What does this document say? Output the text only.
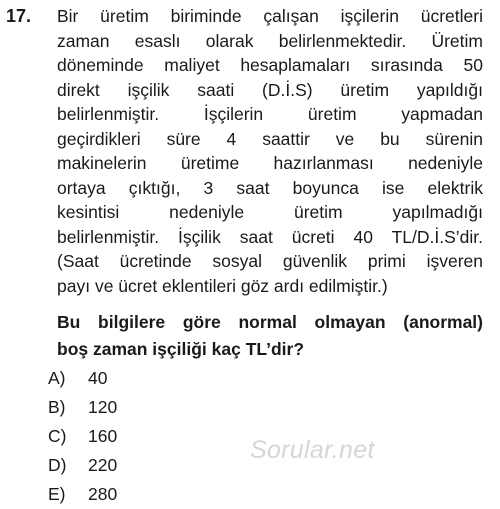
17. Bir üretim biriminde çalışan işçilerin ücretleri
zaman esaslı olarak belirlenmektedir. Üretim
döneminde maliyet hesaplamaları sırasında 50
direkt işçilik saati (D.İ.S) üretim yapıldığı
belirlenmiştir. İşçilerin üretim yapmadan
geçirdikleri süre 4 saattir ve bu sürenin
makinelerin üretime hazırlanması nedeniyle
ortaya çıktığı, 3 saat boyunca ise elektrik
kesintisi nedeniyle üretim yapılmadığı
belirlenmiştir. İşçilik saat ücreti 40 TL/D.İ.S’dir.
(Saat ücretinde sosyal güvenlik primi işveren
payı ve ücret eklentileri göz ardı edilmiştir.)
Bu bilgilere göre normal olmayan (anormal)
boş zaman işçiliği kaç TL’dir?
A)	40
B)	120
C)	160
D)	220
E)	280
Sorular.net
